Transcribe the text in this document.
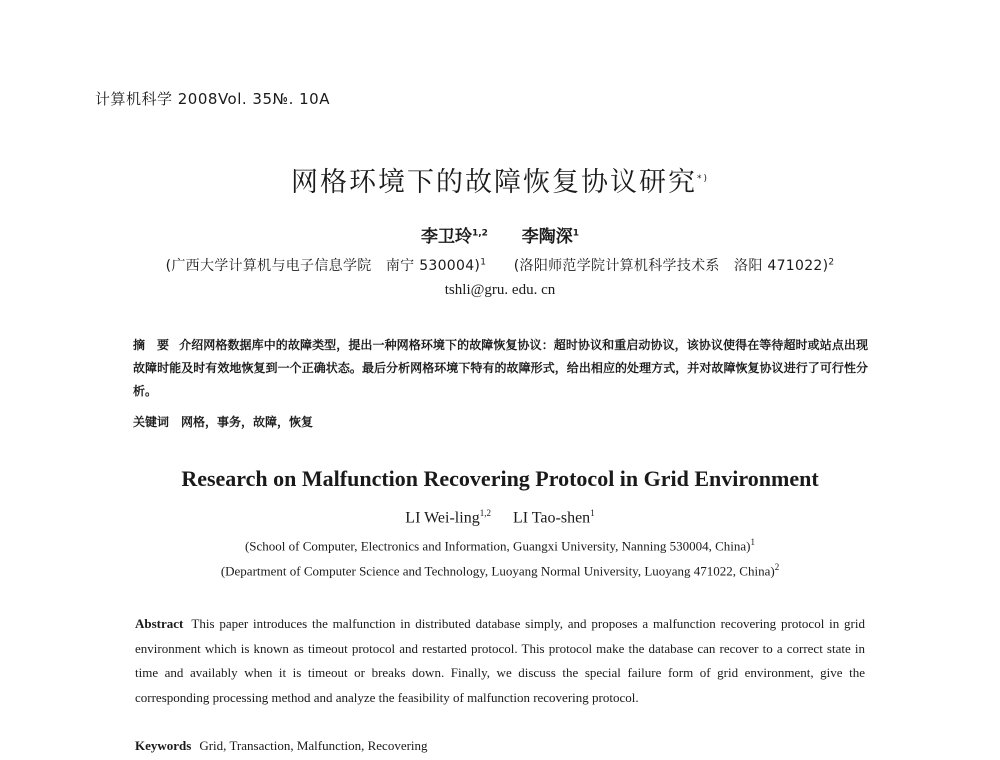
计算机科学 2008Vol. 35№. 10A
网格环境下的故障恢复协议研究*)
李卫玲$^{1,2}$ 李陶深$^1$
(广西大学计算机与电子信息学院　南宁 530004)$^1$ (洛阳师范学院计算机科学技术系　洛阳 471022)$^2$
tshli@gru. edu. cn
摘　要 介绍网格数据库中的故障类型，提出一种网格环境下的故障恢复协议：超时协议和重启动协议，该协议使得在等待超时或站点出现故障时能及时有效地恢复到一个正确状态。最后分析网格环境下特有的故障形式，给出相应的处理方式，并对故障恢复协议进行了可行性分析。
关键词 网格，事务，故障，恢复
Research on Malfunction Recovering Protocol in Grid Environment
LI Wei-ling$^{1,2}$ LI Tao-shen$^1$
(School of Computer, Electronics and Information, Guangxi University, Nanning 530004, China)$^1$
(Department of Computer Science and Technology, Luoyang Normal University, Luoyang 471022, China)$^2$
Abstract This paper introduces the malfunction in distributed database simply, and proposes a malfunction recovering protocol in grid environment which is known as timeout protocol and restarted protocol. This protocol make the database can recover to a correct state in time and availably when it is timeout or breaks down. Finally, we discuss the special failure form of grid environment, give the corresponding processing method and analyze the feasibility of malfunction recovering protocol.
Keywords Grid, Transaction, Malfunction, Recovering
